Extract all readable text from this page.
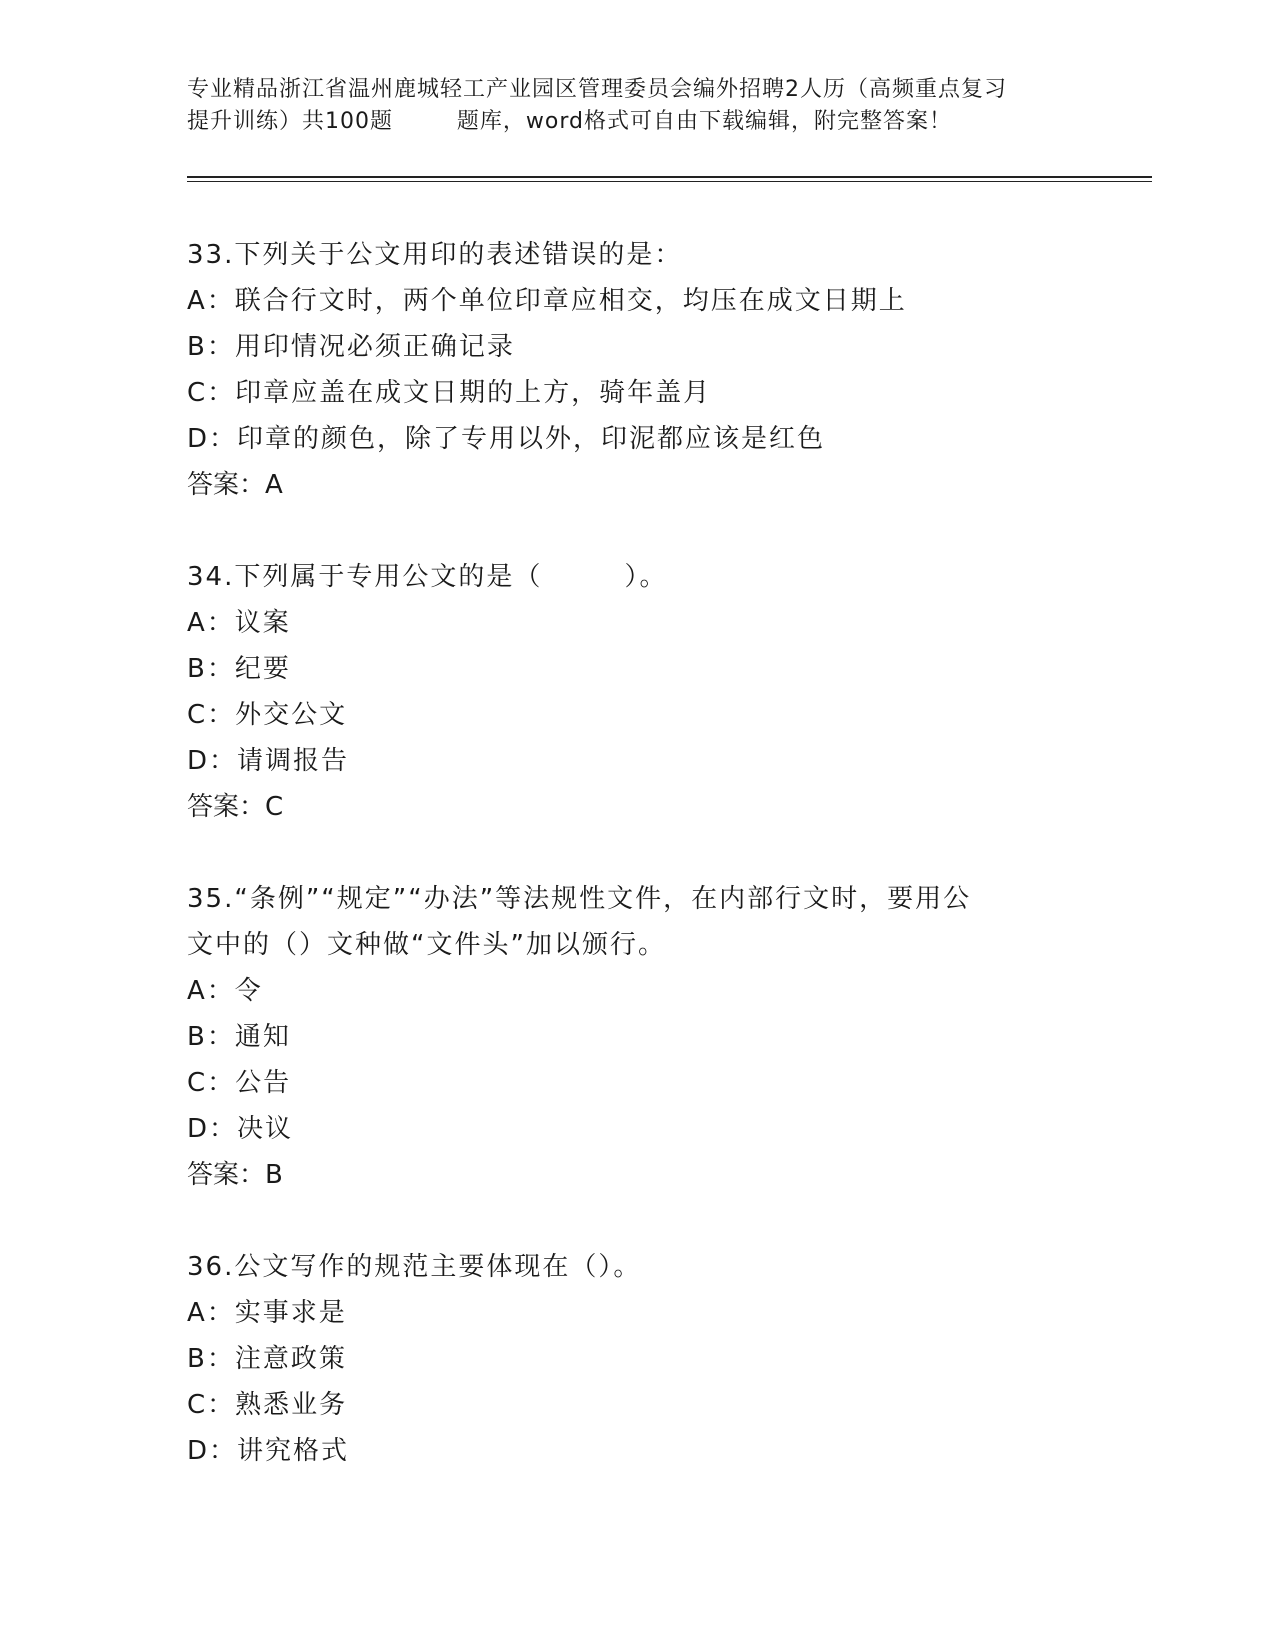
专业精品浙江省温州鹿城轻工产业园区管理委员会编外招聘2人历（高频重点复习
提升训练）共100题        题库，word格式可自由下载编辑，附完整答案！
33.下列关于公文用印的表述错误的是：
A：联合行文时，两个单位印章应相交，均压在成文日期上
B：用印情况必须正确记录
C：印章应盖在成文日期的上方，骑年盖月
D：印章的颜色，除了专用以外，印泥都应该是红色
答案：A
34.下列属于专用公文的是（        ）。
A：议案
B：纪要
C：外交公文
D：请调报告
答案：C
35.“条例”“规定”“办法”等法规性文件，在内部行文时，要用公
文中的（）文种做“文件头”加以颁行。
A：令
B：通知
C：公告
D：决议
答案：B
36.公文写作的规范主要体现在（）。
A：实事求是
B：注意政策
C：熟悉业务
D：讲究格式
